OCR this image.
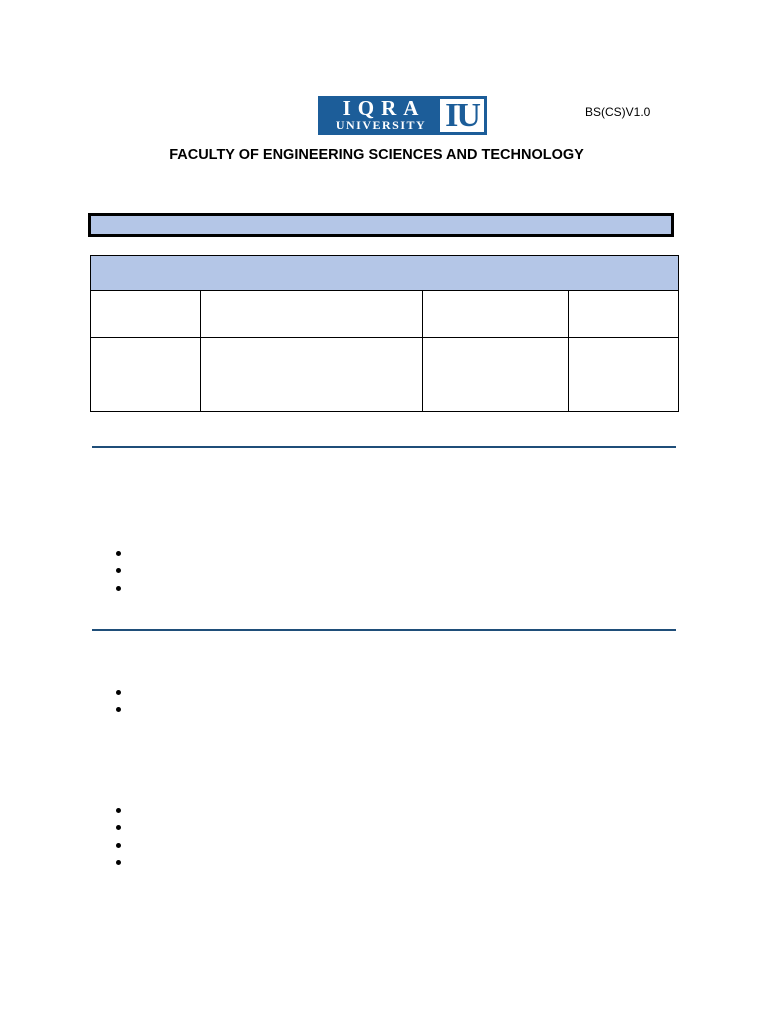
IQRA
UNIVERSITY IU	BS(CS)V1.0
FACULTY OF ENGINEERING SCIENCES AND TECHNOLOGY
